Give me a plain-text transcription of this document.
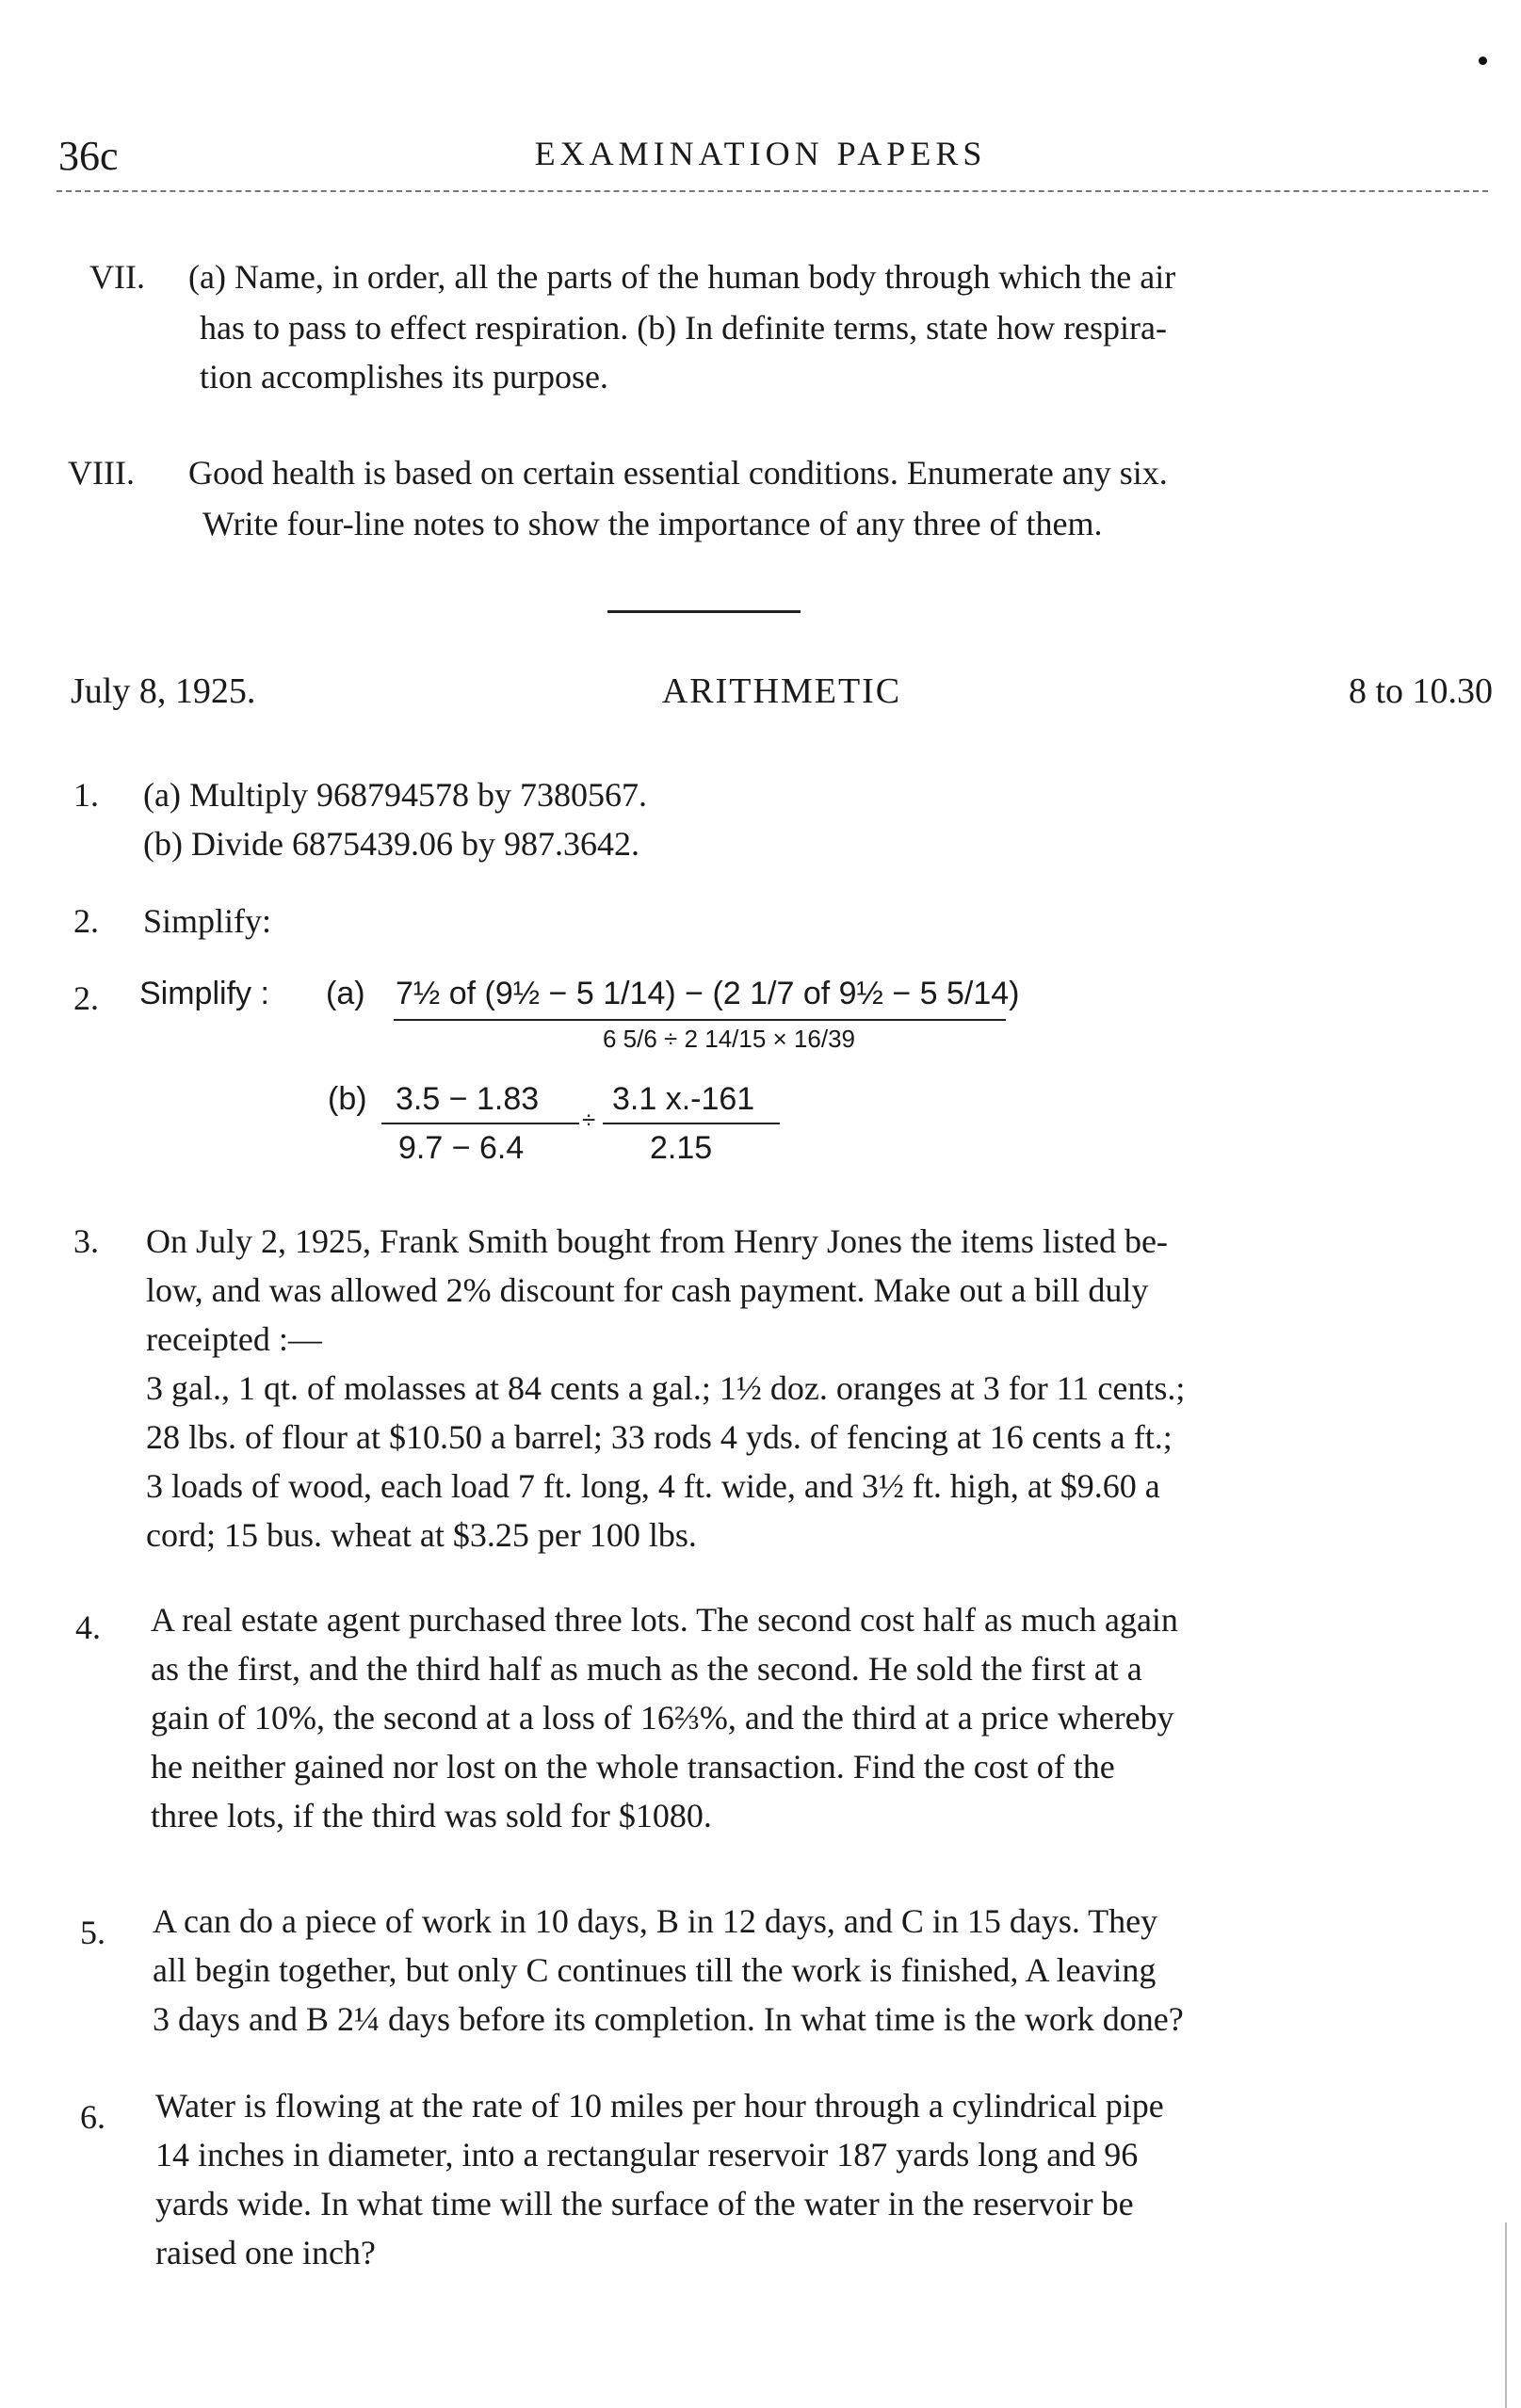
36c	EXAMINATION PAPERS
VII. (a) Name, in order, all the parts of the human body through which the air
has to pass to effect respiration. (b) In definite terms, state how respira-
tion accomplishes its purpose.
VIII. Good health is based on certain essential conditions. Enumerate any six.
Write four-line notes to show the importance of any three of them.
July 8, 1925.	ARITHMETIC	8 to 10.30
1. (a) Multiply 968794578 by 7380567.
(b) Divide 6875439.06 by 987.3642.
2. Simplify:
2. Simplify : (a) 7½ of (9½ − 5 1/14) − (2 1/7 of 9½ − 5 5/14)
6 5/6 ÷ 2 14/15 × 16/39
(b) 3.5 − 1.83
9.7 − 6.4
÷
3.1 x.-161
2.15
3. On July 2, 1925, Frank Smith bought from Henry Jones the items listed be-
low, and was allowed 2% discount for cash payment. Make out a bill duly
receipted :—
3 gal., 1 qt. of molasses at 84 cents a gal.; 1½ doz. oranges at 3 for 11 cents.;
28 lbs. of flour at $10.50 a barrel; 33 rods 4 yds. of fencing at 16 cents a ft.;
3 loads of wood, each load 7 ft. long, 4 ft. wide, and 3½ ft. high, at $9.60 a
cord; 15 bus. wheat at $3.25 per 100 lbs.
4. A real estate agent purchased three lots. The second cost half as much again
as the first, and the third half as much as the second. He sold the first at a
gain of 10%, the second at a loss of 16⅔%, and the third at a price whereby
he neither gained nor lost on the whole transaction. Find the cost of the
three lots, if the third was sold for $1080.
5. A can do a piece of work in 10 days, B in 12 days, and C in 15 days. They
all begin together, but only C continues till the work is finished, A leaving
3 days and B 2¼ days before its completion. In what time is the work done?
6. Water is flowing at the rate of 10 miles per hour through a cylindrical pipe
14 inches in diameter, into a rectangular reservoir 187 yards long and 96
yards wide. In what time will the surface of the water in the reservoir be
raised one inch?
